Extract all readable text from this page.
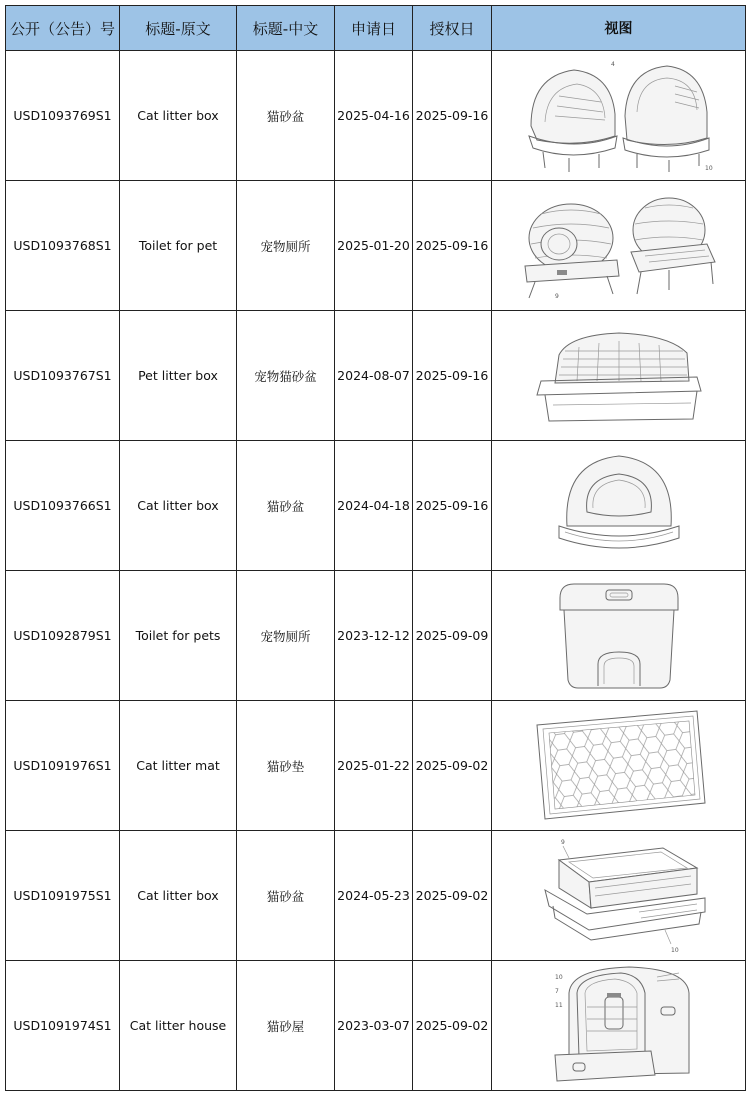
公开（公告）号	标题-原文	标题-中文	申请日	授权日	视图
USD1093769S1	Cat litter box	猫砂盆	2025-04-16	2025-09-16	10
4

USD1093768S1	Toilet for pet	宠物厕所	2025-01-20	2025-09-16	9

USD1093767S1	Pet litter box	宠物猫砂盆	2024-08-07	2025-09-16	

USD1093766S1	Cat litter box	猫砂盆	2024-04-18	2025-09-16	

USD1092879S1	Toilet for pets	宠物厕所	2023-12-12	2025-09-09	

USD1091976S1	Cat litter mat	猫砂垫	2025-01-22	2025-09-02	

USD1091975S1	Cat litter box	猫砂盆	2024-05-23	2025-09-02	9
10

USD1091974S1	Cat litter house	猫砂屋	2023-03-07	2025-09-02	10
7
11
